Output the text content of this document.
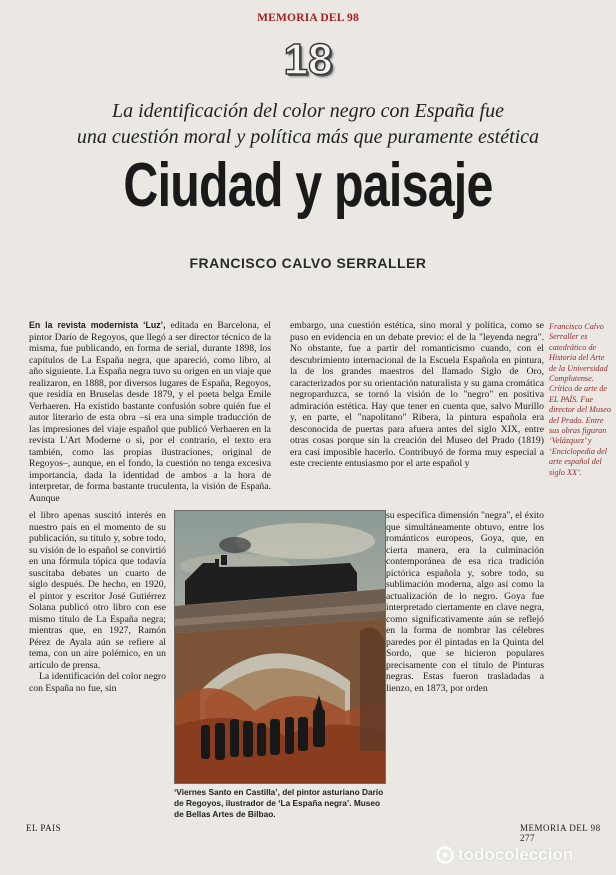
MEMORIA DEL 98
18
La identificación del color negro con España fue
una cuestión moral y política más que puramente estética
Ciudad y paisaje
FRANCISCO CALVO SERRALLER

En la revista modernista ‘Luz’, editada en Barcelona, el pintor Darío de Regoyos, que llegó a ser director técnico de la misma, fue publicando, en forma de serial, durante 1898, los capítulos de La España negra, que apareció, como libro, al año siguiente. La España negra tuvo su origen en un viaje que realizaron, en 1888, por diversos lugares de España, Regoyos, que residía en Bruselas desde 1879, y el poeta belga Emile Verhaeren. Ha existido bastante confusión sobre quién fue el autor literario de esta obra –si era una simple traducción de las impresiones del viaje español que publicó Verhaeren en la revista L'Art Moderne o si, por el contrario, el texto era también, como las propias ilustraciones, original de Regoyos–, aunque, en el fondo, la cuestión no tenga excesiva importancia, dada la identidad de ambos a la hora de interpretar, de forma bastante truculenta, la visión de España. Aunque

el libro apenas suscitó interés en nuestro país en el momento de su publicación, su título y, sobre todo, su visión de lo español se convirtió en una fórmula tópica que todavía suscitaba debates un cuarto de siglo después. De hecho, en 1920, el pintor y escritor José Gutiérrez Solana publicó otro libro con ese mismo título de La España negra; mientras que, en 1927, Ramón Pérez de Ayala aún se refiere al tema, con un aire polémico, en un artículo de prensa.

La identificación del color negro con España no fue, sin

embargo, una cuestión estética, sino moral y política, como se puso en evidencia en un debate previo: el de la "leyenda negra". No obstante, fue a partir del romanticismo cuando, con el descubrimiento internacional de la Escuela Española en pintura, la de los grandes maestros del llamado Siglo de Oro, caracterizados por su orientación naturalista y su gama cromática negroparduzca, se tornó la visión de lo "negro" en positiva admiración estética. Hay que tener en cuenta que, salvo Murillo y, en parte, el "napolitano" Ribera, la pintura española era desconocida de puertas para afuera antes del siglo XIX, entre otras cosas porque sin la creación del Museo del Prado (1819) era casi imposible hacerlo. Contribuyó de forma muy especial a este creciente entusiasmo por el arte español y

su específica dimensión "negra", el éxito que simultáneamente obtuvo, entre los románticos europeos, Goya, que, en cierta manera, era la culminación contemporánea de esa rica tradición pictórica española y, sobre todo, su sublimación moderna, algo así como la actualización de lo negro. Goya fue interpretado ciertamente en clave negra, como significativamente aún se reflejó en la forma de nombrar las célebres paredes por él pintadas en la Quinta del Sordo, que se hicieron populares precisamente con el título de Pinturas negras. Estas fueron trasladadas a lienzo, en 1873, por orden

Francisco Calvo Serraller es catedrático de Historia del Arte de la Universidad Complutense. Crítico de arte de EL PAÍS. Fue director del Museo del Prado. Entre sus obras figuran ‘Velázquez’ y ‘Enciclopedia del arte español del siglo XX’.
‘Viernes Santo en Castilla’, del pintor asturiano Darío de Regoyos, ilustrador de ‘La España negra’. Museo de Bellas Artes de Bilbao.
EL PAIS	MEMORIA DEL 98 277
todocoleccion
